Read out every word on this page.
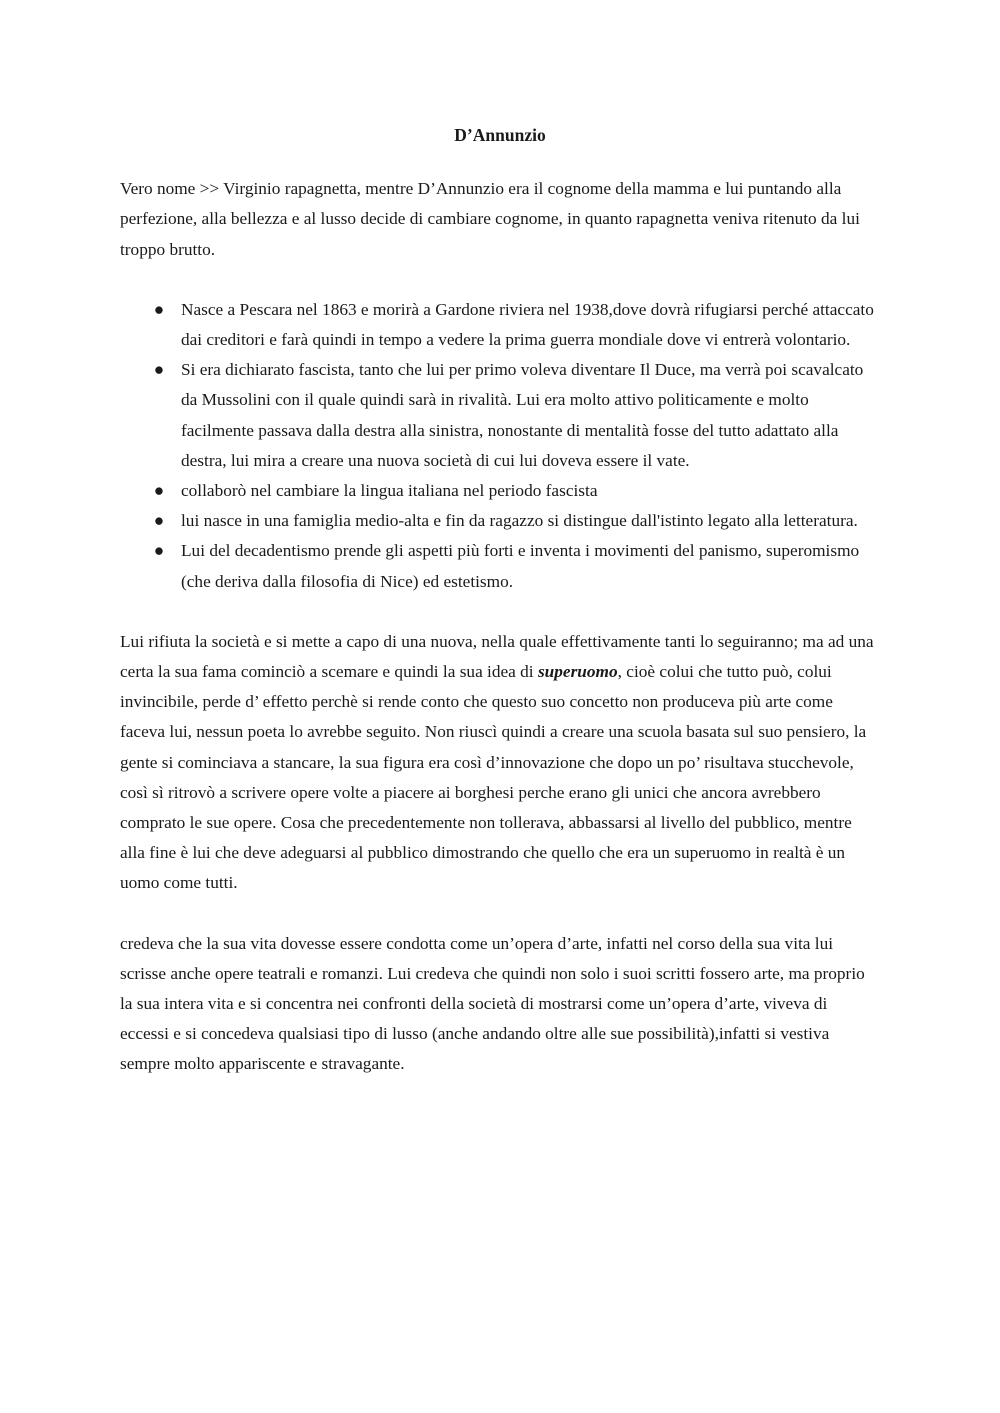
D’Annunzio

Vero nome >> Virginio rapagnetta, mentre D’Annunzio era il cognome della mamma e lui puntando alla perfezione, alla bellezza e al lusso decide di cambiare cognome, in quanto rapagnetta veniva ritenuto da lui troppo brutto.

● Nasce a Pescara nel 1863 e morirà a Gardone riviera nel 1938,dove dovrà rifugiarsi perché attaccato dai creditori e farà quindi in tempo a vedere la prima guerra mondiale dove vi entrerà volontario.
● Si era dichiarato fascista, tanto che lui per primo voleva diventare Il Duce, ma verrà poi scavalcato da Mussolini con il quale quindi sarà in rivalità. Lui era molto attivo politicamente e molto facilmente passava dalla destra alla sinistra, nonostante di mentalità fosse del tutto adattato alla destra, lui mira a creare una nuova società di cui lui doveva essere il vate.
● collaborò nel cambiare la lingua italiana nel periodo fascista
● lui nasce in una famiglia medio-alta e fin da ragazzo si distingue dall'istinto legato alla letteratura.
● Lui del decadentismo prende gli aspetti più forti e inventa i movimenti del panismo, superomismo (che deriva dalla filosofia di Nice) ed estetismo.

Lui rifiuta la società e si mette a capo di una nuova, nella quale effettivamente tanti lo seguiranno; ma ad una certa la sua fama cominciò a scemare e quindi la sua idea di superuomo, cioè colui che tutto può, colui invincibile, perde d’ effetto perchè si rende conto che questo suo concetto non produceva più arte come faceva lui, nessun poeta lo avrebbe seguito. Non riuscì quindi a creare una scuola basata sul suo pensiero, la gente si cominciava a stancare, la sua figura era così d’innovazione che dopo un po’ risultava stucchevole, così sì ritrovò a scrivere opere volte a piacere ai borghesi perche erano gli unici che ancora avrebbero comprato le sue opere. Cosa che precedentemente non tollerava, abbassarsi al livello del pubblico, mentre alla fine è lui che deve adeguarsi al pubblico dimostrando che quello che era un superuomo in realtà è un uomo come tutti.

credeva che la sua vita dovesse essere condotta come un’opera d’arte, infatti nel corso della sua vita lui scrisse anche opere teatrali e romanzi. Lui credeva che quindi non solo i suoi scritti fossero arte, ma proprio la sua intera vita e si concentra nei confronti della società di mostrarsi come un’opera d’arte, viveva di eccessi e si concedeva qualsiasi tipo di lusso (anche andando oltre alle sue possibilità),infatti si vestiva sempre molto appariscente e stravagante.
